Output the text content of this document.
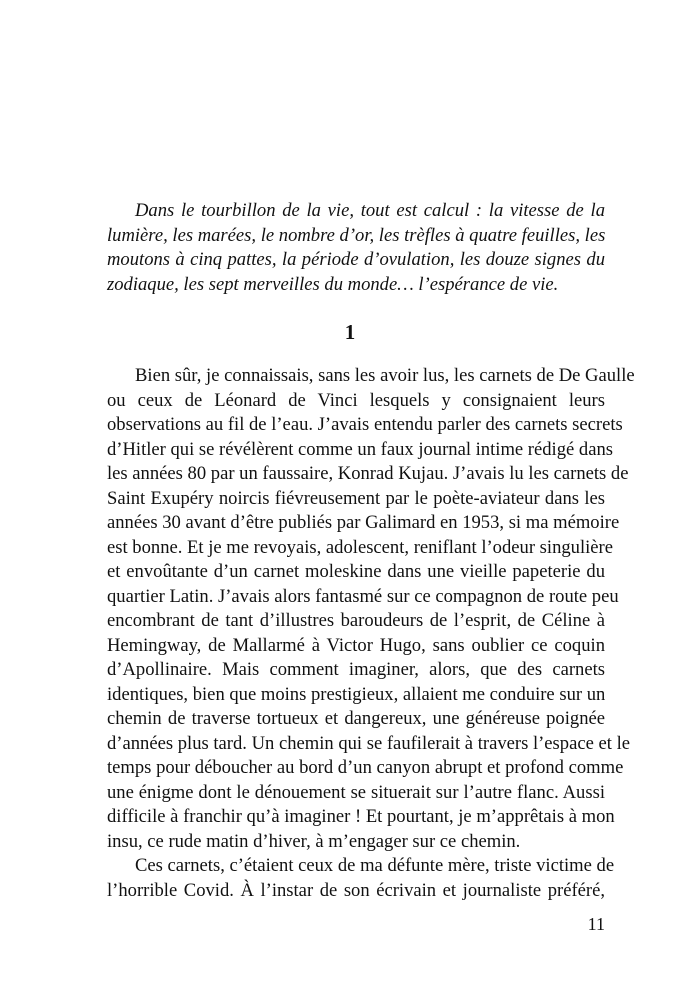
Dans le tourbillon de la vie, tout est calcul : la vitesse de la
lumière, les marées, le nombre d’or, les trèfles à quatre feuilles, les
moutons à cinq pattes, la période d’ovulation, les douze signes du
zodiaque, les sept merveilles du monde… l’espérance de vie.
1
Bien sûr, je connaissais, sans les avoir lus, les carnets de De Gaulle
ou ceux de Léonard de Vinci lesquels y consignaient leurs
observations au fil de l’eau. J’avais entendu parler des carnets secrets
d’Hitler qui se révélèrent comme un faux journal intime rédigé dans
les années 80 par un faussaire, Konrad Kujau. J’avais lu les carnets de
Saint Exupéry noircis fiévreusement par le poète-aviateur dans les
années 30 avant d’être publiés par Galimard en 1953, si ma mémoire
est bonne. Et je me revoyais, adolescent, reniflant l’odeur singulière
et envoûtante d’un carnet moleskine dans une vieille papeterie du
quartier Latin. J’avais alors fantasmé sur ce compagnon de route peu
encombrant de tant d’illustres baroudeurs de l’esprit, de Céline à
Hemingway, de Mallarmé à Victor Hugo, sans oublier ce coquin
d’Apollinaire. Mais comment imaginer, alors, que des carnets
identiques, bien que moins prestigieux, allaient me conduire sur un
chemin de traverse tortueux et dangereux, une généreuse poignée
d’années plus tard. Un chemin qui se faufilerait à travers l’espace et le
temps pour déboucher au bord d’un canyon abrupt et profond comme
une énigme dont le dénouement se situerait sur l’autre flanc. Aussi
difficile à franchir qu’à imaginer ! Et pourtant, je m’apprêtais à mon
insu, ce rude matin d’hiver, à m’engager sur ce chemin.
Ces carnets, c’étaient ceux de ma défunte mère, triste victime de
l’horrible Covid. À l’instar de son écrivain et journaliste préféré,
11
